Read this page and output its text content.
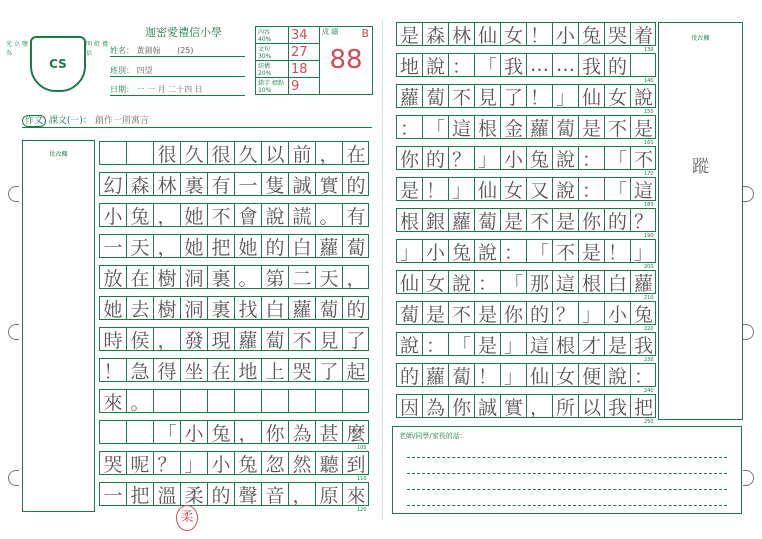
光 立 鹽 為
CS
明 燈 禮 信
迦密愛禮信小學
姓名： 黃錦翰 (25)
班別： 四望
日期： 一 一 月 二十四 日
內容
40%	34	成 績 B
88

文句
30%	27	
結構
20%	18	
錯字 標點
10%	9	
作文 課文(一)： 創作一則寓言
批改欄

　	很 久 很 久 以 前 ， 在
幻 森 林 裏 有 一 隻 誠 實 的
小 兔 ， 她 不 會 說 謊 。 有
一 天 ， 她 把 她 的 白 蘿 蔔
放 在 樹 洞 裏 。 第 二 天 ，
她 去 樹 洞 裏 找 白 蘿 蔔 的
時 侯 ， 發 現 蘿 蔔 不 見 了
！ 急 得 坐 在 地 上 哭 了 起
來 。
「 小 兔 ， 你 為 甚 麼
100
哭 呢 ？ 」 小 兔 忽 然 聽 到
110
一 把 溫 柔 的 聲 音 ， 原 來
120
柔
是 森 林 仙 女 ！ 小 兔 哭 着
130
地 說 ： 「 我 … … 我 的
140
蘿 蔔 不 見 了 ！ 」 仙 女 說
150
： 「 這 根 金 蘿 蔔 是 不 是
160
你 的 ？ 」 小 兔 說 ： 「 不
170
是 ！ 」 仙 女 又 說 ： 「 這
180
根 銀 蘿 蔔 是 不 是 你 的 ？
190
」 小 兔 說 ： 「 不 是 ！ 」
200
仙 女 說 ： 「 那 這 根 白 蘿
210
蔔 是 不 是 你 的 ？ 」 小 兔
220
說 ： 「 是 」 這 根 才 是 我
230
的 蘿 蔔 ！ 」 仙 女 便 說 ：
240
因 為 你 誠 實 ， 所 以 我 把
250
批改欄
蹤
老師/同學/家長的話：
